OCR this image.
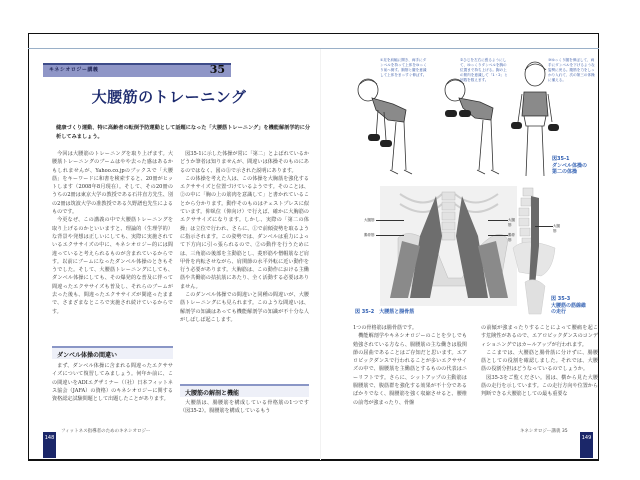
キネシオロジー講義	35
大腰筋のトレーニング
健康づくり運動、特に高齢者の転倒予防運動として話題になった「大腰筋トレーニング」を機能解剖学的に分析してみましょう。

今回は大腰筋のトレーニングを取り上げます。大腰筋トレーニングのブームはやや去った感はあるかもしれませんが、Yahoo.co.jpのブックスで「大腰筋」をキーワードに和書を検索すると、20冊がヒットします（2008年8月現在）。そして、その20冊のうちの2冊は東京大学の教授である石井直方先生、別の2冊は筑波大学の准教授である久野譜也先生によるものです。

今更なぜ、この講義の中で大腰筋トレーニングを取り上げるのかといいますと、理論的（生理学的）な背景や発想は正しいにしても、実際に実施されているエクササイズの中に、キネシオロジー的には間違っていると考えられるものが含まれているからです。以前にブームになったダンベル体操のときもそうでした。そして、大腰筋トレーニングにしても、ダンベル体操にしても、その爆発的な普及に伴って間違ったエクササイズも普及し、それらのブームが去った後も、間違ったエクササイズが間違ったままで、さまざまなところで実施され続けているからです。

図35-1に示した体操が常に「第二」とよばれているかどうか筆者は知りませんが、間違いは体操そのものにあるのではなく、図の③で示された説明にあります。

この体操を考えた人は、この体操を大胸筋を強化するエクササイズと位置づけているようです。そのことは、②の中に「胸の上の筋肉を意識して」と書かれていることから分かります。動作そのものはチェストプレスに似ています。仰臥位（仰向け）で行えば、確かに大胸筋のエクササイズになります。しかし、実際の「第二の体操」は立位で行われ、さらに、①で前傾姿勢を取るように指示されます。この姿勢では、ダンベルは重力によって下方向に引っ張られるので、②の動作を行うためには、三角筋の後部を主動筋とし、菱形筋や僧帽筋など肩甲骨を内転させながら、肩関節の水平外転に近い動作を行う必要があります。大胸筋は、この動作における主働筋や共働筋の拮抗筋にあたり、全く活動する必要はありません。

このダンベル体操での間違いと同種の間違いが、大腰筋トレーニングにも見られます。このような間違いは、解剖学の知識はあっても機能解剖学の知識が不十分な人がしばしば起こします。

ダンベル体操の間違い

まず、ダンベル体操に含まれる間違ったエクササイズについて復習してみましょう。何年か前に、この間違いをADIエグザミナー（（社）日本フィットネス協会（JAFA）の資格）のキネシオロジーに関する資格認定試験問題として出題したことがあります。

大腰筋の解剖と機能

大腰筋は、腸腰筋を構成している骨格筋の1つです（図35-2）。腸腰筋を構成しているもう

148
フィットネス指導者のためのキネシオロジー
①足を肩幅に開き、両手にダンベルを持って上体をゆっくり前へ倒す。胸筋と腰を意識して上体をまっすぐ伸ばす。
②ひじを左右に張るようにして、ゆっくりダンベルを胸の位置まで持ち上げる。胸の上の筋肉を意識して「1・2」と回数を数えます。
③ゆっくり腰を伸ばして、両手にダンベルを下げるような姿勢に戻る。腹筋を力をしっかり入れて、次の第三の体操に備える。
図35-1
ダンベル体操の
第二の体操
大腰筋
腸骨筋
大腰筋
腸骨筋
図 35-2　大腰筋と腸骨筋
大腰筋
図 35-3
大腰筋の筋線維
の走行

1つの骨格筋は腸骨筋です。

機能解剖学やキネシオロジーのことを少しでも勉強されている方なら、腸腰筋の主な働きは股関節の屈曲であることはご存知だと思います。エアロビックダンスで行われることが多いエクササイズの中で、腸腰筋を主働筋とするものの代表はニーリフトです。さらに、シットアップの主動筋は腸腰筋で、腹筋群を強化する効果が不十分であるばかりでなく、腸腰筋を強く収縮させると、腰椎の前弯が強まったり、骨盤

の前傾が強まったりすることによって腰痛を起こす危険性があるので、エアロビックダンスのコンディショニングではカールアップが行われます。

ここまでは、大腰筋と腸骨筋に分けずに、腸腰筋としての役割を確認しました。それでは、大腰筋の役割分担はどうなっているのでしょうか。

図35-3をご覧ください。図は、横から見た大腰筋の走行を示しています。この走行方向や位置から判断できる大腰筋としての最も重要な

キネシオロジー講義 35
149
